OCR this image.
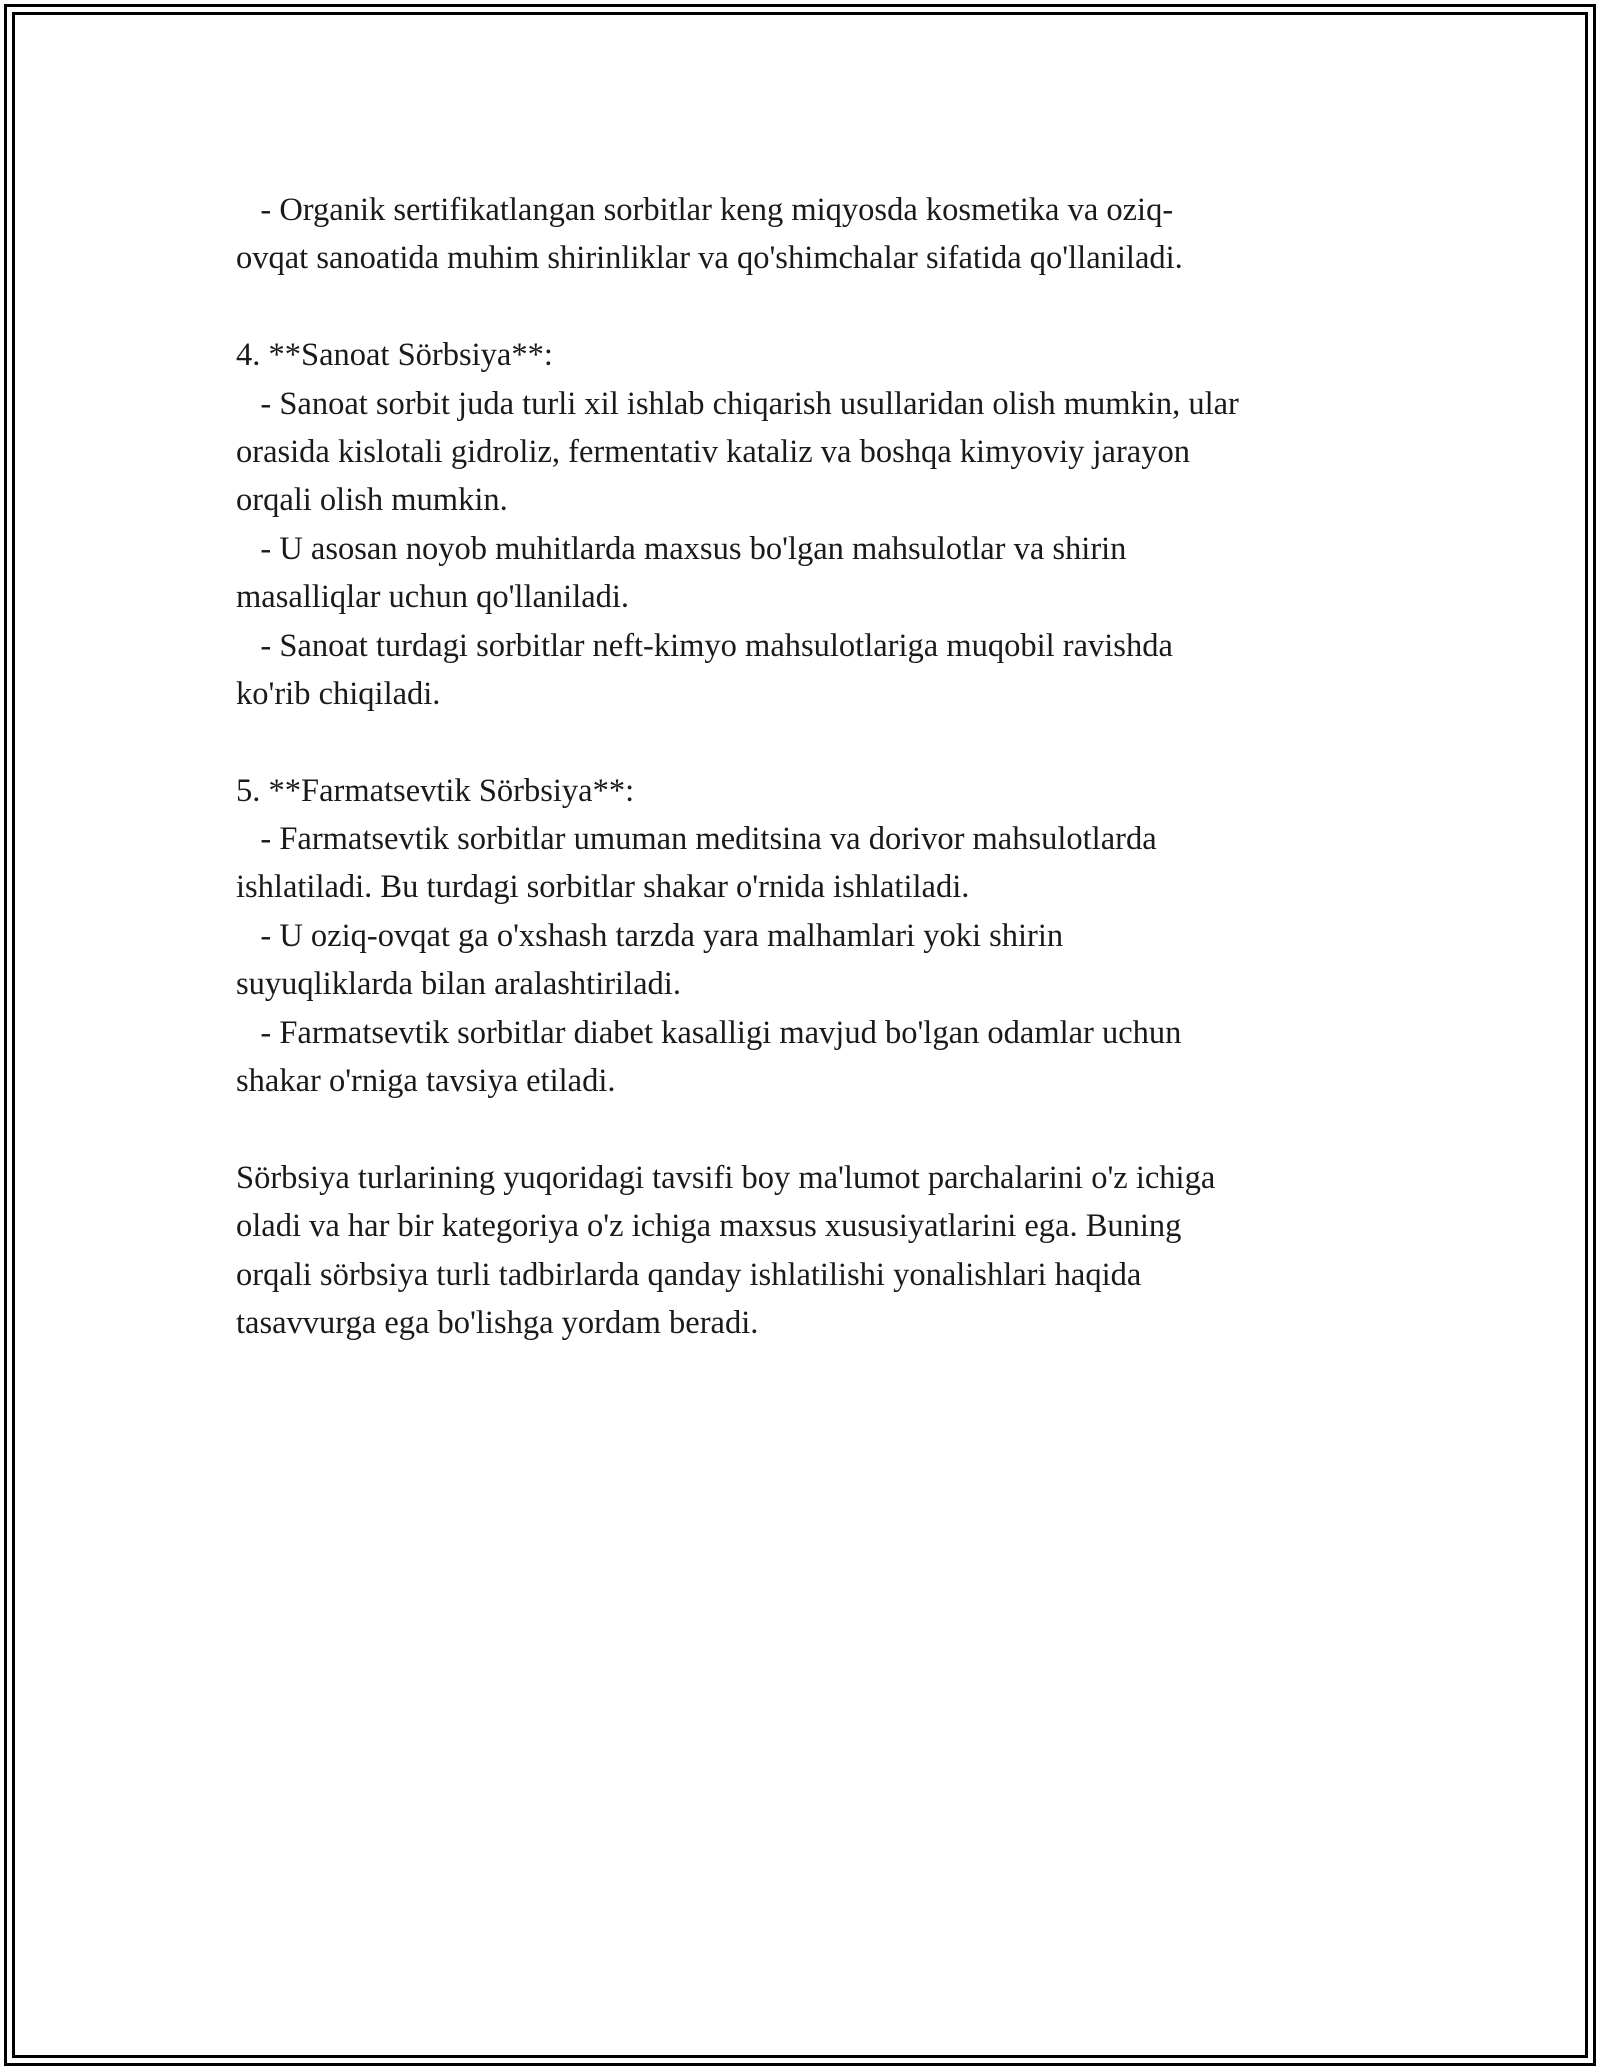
- Organik sertifikatlangan sorbitlar keng miqyosda kosmetika va oziq-
ovqat sanoatida muhim shirinliklar va qo'shimchalar sifatida qo'llaniladi.
4. **Sanoat Sörbsiya**:
- Sanoat sorbit juda turli xil ishlab chiqarish usullaridan olish mumkin, ular
orasida kislotali gidroliz, fermentativ kataliz va boshqa kimyoviy jarayon
orqali olish mumkin.
- U asosan noyob muhitlarda maxsus bo'lgan mahsulotlar va shirin
masalliqlar uchun qo'llaniladi.
- Sanoat turdagi sorbitlar neft-kimyo mahsulotlariga muqobil ravishda
ko'rib chiqiladi.
5. **Farmatsevtik Sörbsiya**:
- Farmatsevtik sorbitlar umuman meditsina va dorivor mahsulotlarda
ishlatiladi. Bu turdagi sorbitlar shakar o'rnida ishlatiladi.
- U oziq-ovqat ga o'xshash tarzda yara malhamlari yoki shirin
suyuqliklarda bilan aralashtiriladi.
- Farmatsevtik sorbitlar diabet kasalligi mavjud bo'lgan odamlar uchun
shakar o'rniga tavsiya etiladi.
Sörbsiya turlarining yuqoridagi tavsifi boy ma'lumot parchalarini o'z ichiga
oladi va har bir kategoriya o'z ichiga maxsus xususiyatlarini ega. Buning
orqali sörbsiya turli tadbirlarda qanday ishlatilishi yonalishlari haqida
tasavvurga ega bo'lishga yordam beradi.
